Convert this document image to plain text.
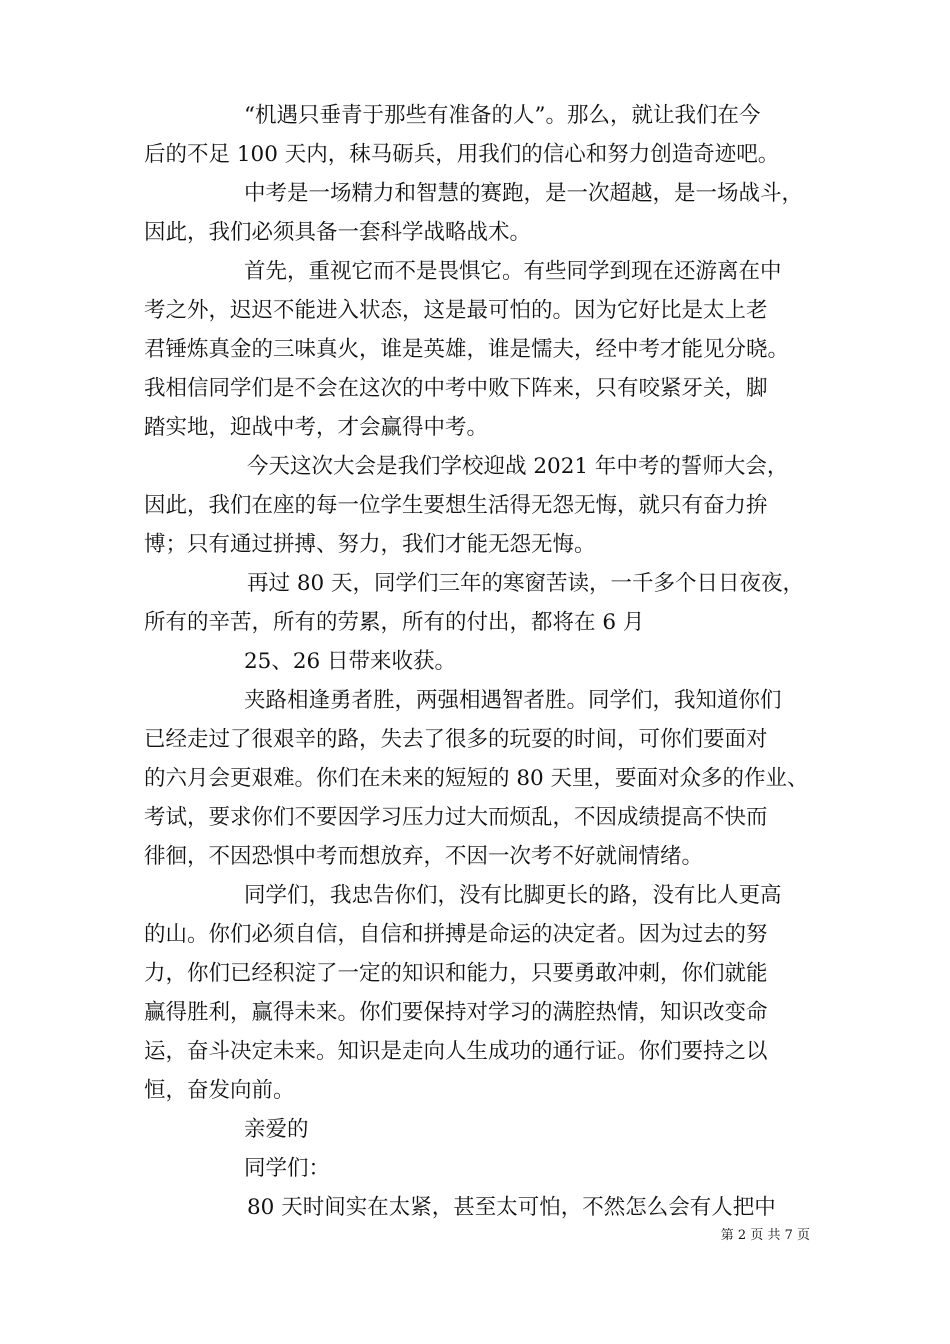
“机遇只垂青于那些有准备的人”。那么，就让我们在今
后的不足 100 天内，秣马砺兵，用我们的信心和努力创造奇迹吧。
中考是一场精力和智慧的赛跑，是一次超越，是一场战斗，
因此，我们必须具备一套科学战略战术。
首先，重视它而不是畏惧它。有些同学到现在还游离在中
考之外，迟迟不能进入状态，这是最可怕的。因为它好比是太上老
君锤炼真金的三味真火，谁是英雄，谁是懦夫，经中考才能见分晓。
我相信同学们是不会在这次的中考中败下阵来，只有咬紧牙关，脚
踏实地，迎战中考，才会赢得中考。
今天这次大会是我们学校迎战 2021 年中考的誓师大会，
因此，我们在座的每一位学生要想生活得无怨无悔，就只有奋力拚
博；只有通过拼搏、努力，我们才能无怨无悔。
再过 80 天，同学们三年的寒窗苦读，一千多个日日夜夜，
所有的辛苦，所有的劳累，所有的付出，都将在 6 月
25、26 日带来收获。
夹路相逢勇者胜，两强相遇智者胜。同学们，我知道你们
已经走过了很艰辛的路，失去了很多的玩耍的时间，可你们要面对
的六月会更艰难。你们在未来的短短的 80 天里，要面对众多的作业、
考试，要求你们不要因学习压力过大而烦乱，不因成绩提高不快而
徘徊，不因恐惧中考而想放弃，不因一次考不好就闹情绪。
同学们，我忠告你们，没有比脚更长的路，没有比人更高
的山。你们必须自信，自信和拼搏是命运的决定者。因为过去的努
力，你们已经积淀了一定的知识和能力，只要勇敢冲刺，你们就能
赢得胜利，赢得未来。你们要保持对学习的满腔热情，知识改变命
运，奋斗决定未来。知识是走向人生成功的通行证。你们要持之以
恒，奋发向前。
亲爱的
同学们：
80 天时间实在太紧，甚至太可怕，不然怎么会有人把中
第 2 页 共 7 页
